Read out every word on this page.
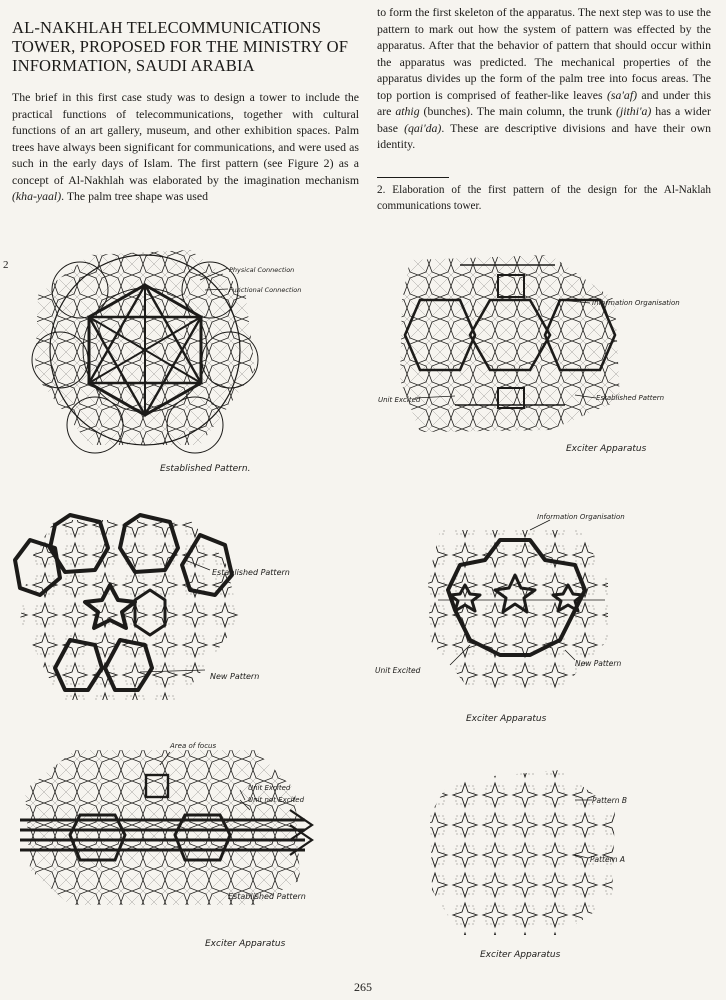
AL-NAKHLAH TELECOMMUNICATIONS TOWER, PROPOSED FOR THE MINISTRY OF INFORMATION, SAUDI ARABIA

The brief in this first case study was to design a tower to include the practical functions of telecommunications, together with cultural functions of an art gallery, museum, and other exhibition spaces. Palm trees have always been significant for communications, and were used as such in the early days of Islam. The first pattern (see Figure 2) as a concept of Al-Nakhlah was elaborated by the imagination mechanism (kha-yaal). The palm tree shape was used

to form the first skeleton of the apparatus. The next step was to use the pattern to mark out how the system of pattern was effected by the apparatus. After that the behavior of pattern that should occur within the apparatus was predicted. The mechanical properties of the apparatus divides up the form of the palm tree into focus areas. The top portion is comprised of feather-like leaves (sa'af) and under this are athig (bunches). The main column, the trunk (jithi'a) has a wider base (qai'da). These are descriptive divisions and have their own identity.

2. Elaboration of the first pattern of the design for the Al-Naklah communications tower.

2	Physical Connection
Functional Connection
Established Pattern.
Information Organisation
Unit Excited	Established Pattern
Exciter Apparatus
Established Pattern
New Pattern
Information Organisation
Unit Excited
New Pattern
Exciter Apparatus
Area of focus
Unit Excited
Unit not Excited
Established Pattern
Exciter Apparatus
Pattern B
Pattern A
Exciter Apparatus
265
